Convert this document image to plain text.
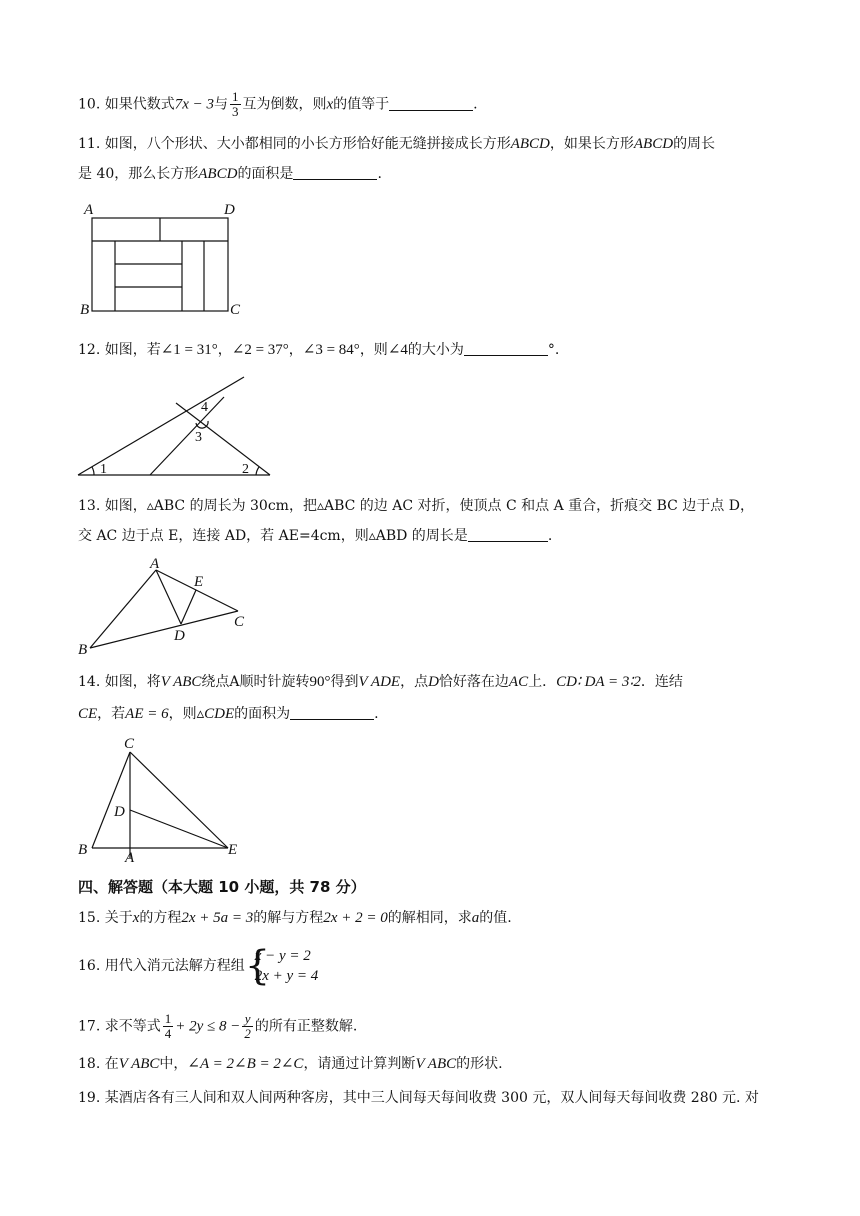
10. 如果代数式7x − 3与 $\frac{1}{3}$ 互为倒数，则x的值等于	.
11. 如图，八个形状、大小都相同的小长方形恰好能无缝拼接成长方形ABCD，如果长方形ABCD的周长
是 40，那么长方形ABCD的面积是	.
A	D
B	C
12. 如图，若∠1 = 31°，∠2 = 37°，∠3 = 84°，则∠4的大小为	°.
1	2
3
4
13. 如图，▵ABC 的周长为 30cm，把▵ABC 的边 AC 对折，使顶点 C 和点 A 重合，折痕交 BC 边于点 D，
交 AC 边于点 E，连接 AD，若 AE=4cm，则▵ABD 的周长是	.
A
E
C
D
B
14. 如图，将V ABC绕点A顺时针旋转90°得到V ADE，点D恰好落在边AC上．CD∶ DA = 3∶2．连结
CE，若AE = 6，则▵CDE的面积为	.
C
D
B	A	E
四、解答题（本大题 10 小题，共 78 分）
15. 关于x的方程2x + 5a = 3的解与方程2x + 2 = 0的解相同，求a的值.
16. 用代入消元法解方程组 {
x − y = 2
2x + y = 4
17. 求不等式 $\frac{1}{4} + 2y \le 8 - \frac{y}{2}$ 的所有正整数解.
18. 在V ABC中，∠A = 2∠B = 2∠C，请通过计算判断V ABC的形状.
19. 某酒店各有三人间和双人间两种客房，其中三人间每天每间收费 300 元，双人间每天每间收费 280 元. 对
